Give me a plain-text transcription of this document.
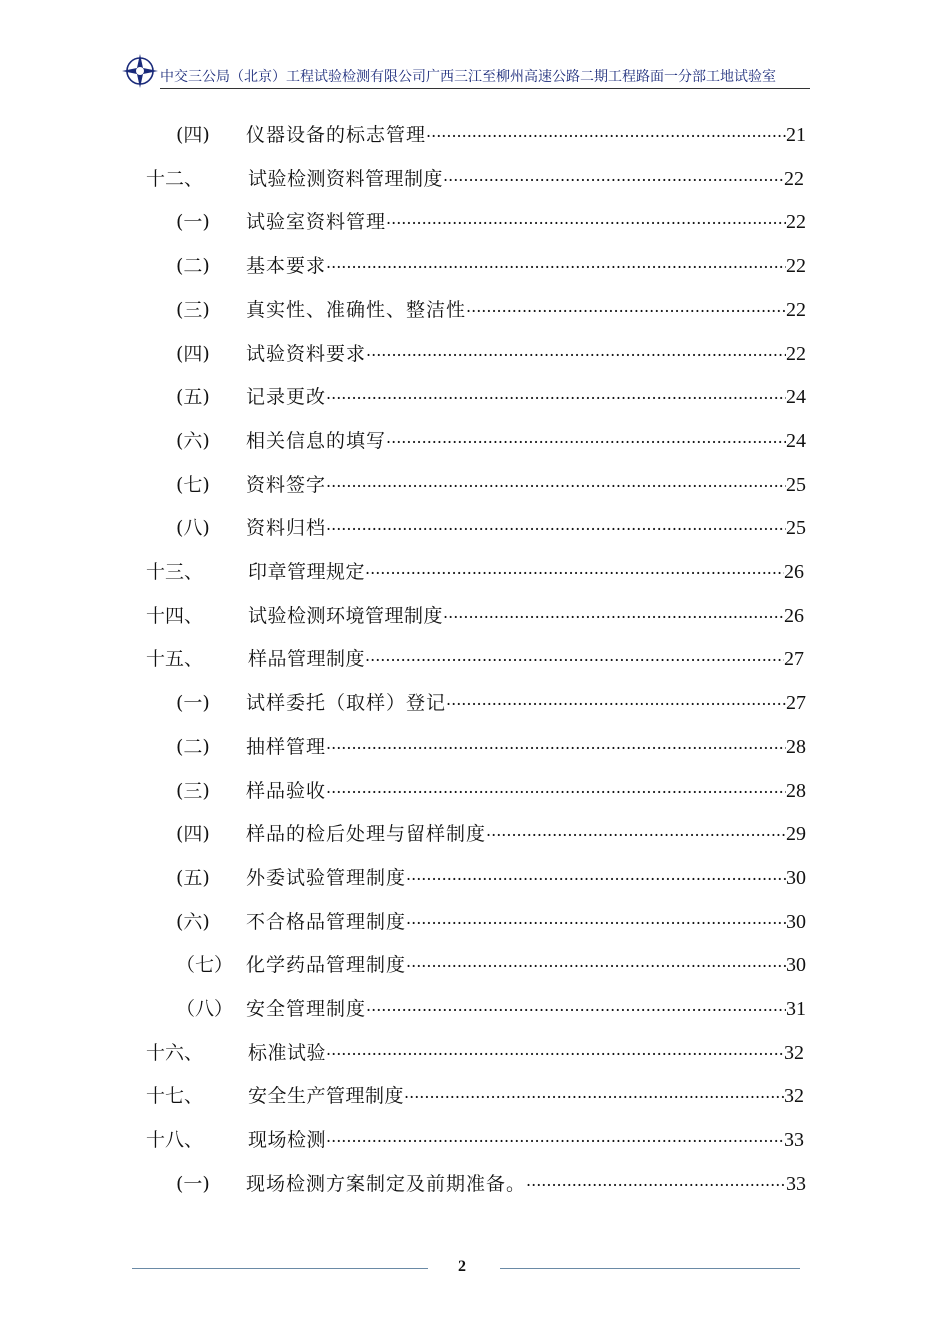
中交三公局（北京）工程试验检测有限公司广西三江至柳州高速公路二期工程路面一分部工地试验室
(四)	仪器设备的标志管理 .....	21
十二、	试验检测资料管理制度 .....	22
(一)	试验室资料管理 .....	22
(二)	基本要求 .....	22
(三)	真实性、准确性、整洁性 .....	22
(四)	试验资料要求 .....	22
(五)	记录更改 .....	24
(六)	相关信息的填写 .....	24
(七)	资料签字 .....	25
(八)	资料归档 .....	25
十三、	印章管理规定 .....	26
十四、	试验检测环境管理制度 .....	26
十五、	样品管理制度 .....	27
(一)	试样委托（取样）登记 .....	27
(二)	抽样管理 .....	28
(三)	样品验收 .....	28
(四)	样品的检后处理与留样制度 .....	29
(五)	外委试验管理制度 .....	30
(六)	不合格品管理制度 .....	30
（七） 化学药品管理制度 .....	30
（八） 安全管理制度 .....	31
十六、	标准试验 .....	32
十七、	安全生产管理制度 .....	32
十八、	现场检测 .....	33
(一)	现场检测方案制定及前期准备。 .....	33
2
